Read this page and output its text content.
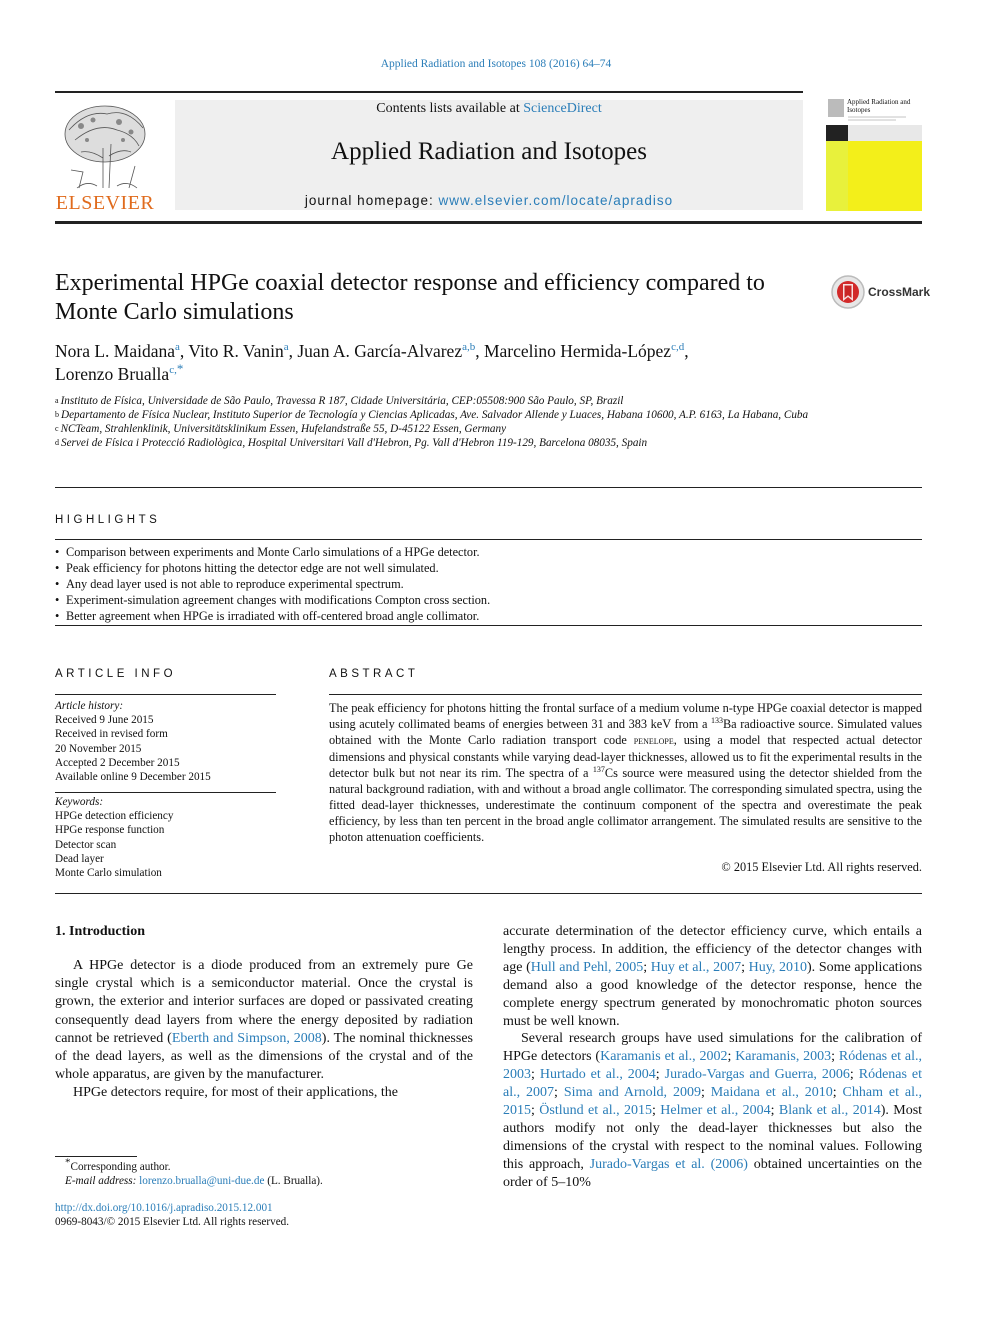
Applied Radiation and Isotopes 108 (2016) 64–74
ELSEVIER
Contents lists available at ScienceDirect
Applied Radiation and Isotopes
journal homepage: www.elsevier.com/locate/apradiso
Applied Radiation and Isotopes
Experimental HPGe coaxial detector response and efficiency compared to Monte Carlo simulations
CrossMark
Nora L. Maidana$^a$, Vito R. Vanin$^a$, Juan A. García-Alvarez$^{a,b}$, Marcelino Hermida-López$^{c,d}$,
Lorenzo Brualla$^{c,*}$
a Instituto de Física, Universidade de São Paulo, Travessa R 187, Cidade Universitária, CEP:05508:900 São Paulo, SP, Brazil
b Departamento de Física Nuclear, Instituto Superior de Tecnología y Ciencias Aplicadas, Ave. Salvador Allende y Luaces, Habana 10600, A.P. 6163, La Habana, Cuba
c NCTeam, Strahlenklinik, Universitätsklinikum Essen, Hufelandstraße 55, D-45122 Essen, Germany
d Servei de Física i Protecció Radiològica, Hospital Universitari Vall d'Hebron, Pg. Vall d'Hebron 119-129, Barcelona 08035, Spain
HIGHLIGHTS
• Comparison between experiments and Monte Carlo simulations of a HPGe detector.
• Peak efficiency for photons hitting the detector edge are not well simulated.
• Any dead layer used is not able to reproduce experimental spectrum.
• Experiment-simulation agreement changes with modifications Compton cross section.
• Better agreement when HPGe is irradiated with off-centered broad angle collimator.
ARTICLE INFO
Article history:
Received 9 June 2015
Received in revised form
20 November 2015
Accepted 2 December 2015
Available online 9 December 2015
Keywords:
HPGe detection efficiency
HPGe response function
Detector scan
Dead layer
Monte Carlo simulation
ABSTRACT
The peak efficiency for photons hitting the frontal surface of a medium volume n-type HPGe coaxial detector is mapped using acutely collimated beams of energies between 31 and 383 keV from a $^{133}$Ba radioactive source. Simulated values obtained with the Monte Carlo radiation transport code penelope, using a model that respected actual detector dimensions and physical constants while varying dead-layer thicknesses, allowed us to fit the experimental results in the detector bulk but not near its rim. The spectra of a $^{137}$Cs source were measured using the detector shielded from the natural background radiation, with and without a broad angle collimator. The corresponding simulated spectra, using the fitted dead-layer thicknesses, underestimate the continuum component of the spectra and overestimate the peak efficiency, by less than ten percent in the broad angle collimator arrangement. The simulated results are sensitive to the photon attenuation coefficients.
© 2015 Elsevier Ltd. All rights reserved.
1. Introduction

A HPGe detector is a diode produced from an extremely pure Ge single crystal which is a semiconductor material. Once the crystal is grown, the exterior and interior surfaces are doped or passivated creating consequently dead layers from where the energy deposited by radiation cannot be retrieved (Eberth and Simpson, 2008). The nominal thicknesses of the dead layers, as well as the dimensions of the crystal and of the whole apparatus, are given by the manufacturer.

HPGe detectors require, for most of their applications, the

accurate determination of the detector efficiency curve, which entails a lengthy process. In addition, the efficiency of the detector changes with age (Hull and Pehl, 2005; Huy et al., 2007; Huy, 2010). Some applications demand also a good knowledge of the detector response, hence the complete energy spectrum generated by monochromatic photon sources must be well known.

Several research groups have used simulations for the calibration of HPGe detectors (Karamanis et al., 2002; Karamanis, 2003; Ródenas et al., 2003; Hurtado et al., 2004; Jurado-Vargas and Guerra, 2006; Ródenas et al., 2007; Sima and Arnold, 2009; Maidana et al., 2010; Chham et al., 2015; Östlund et al., 2015; Helmer et al., 2004; Blank et al., 2014). Most authors modify not only the dead-layer thicknesses but also the dimensions of the crystal with respect to the nominal values. Following this approach, Jurado-Vargas et al. (2006) obtained uncertainties on the order of 5–10%

*Corresponding author.
E-mail address: lorenzo.brualla@uni-due.de (L. Brualla).
http://dx.doi.org/10.1016/j.apradiso.2015.12.001
0969-8043/© 2015 Elsevier Ltd. All rights reserved.
